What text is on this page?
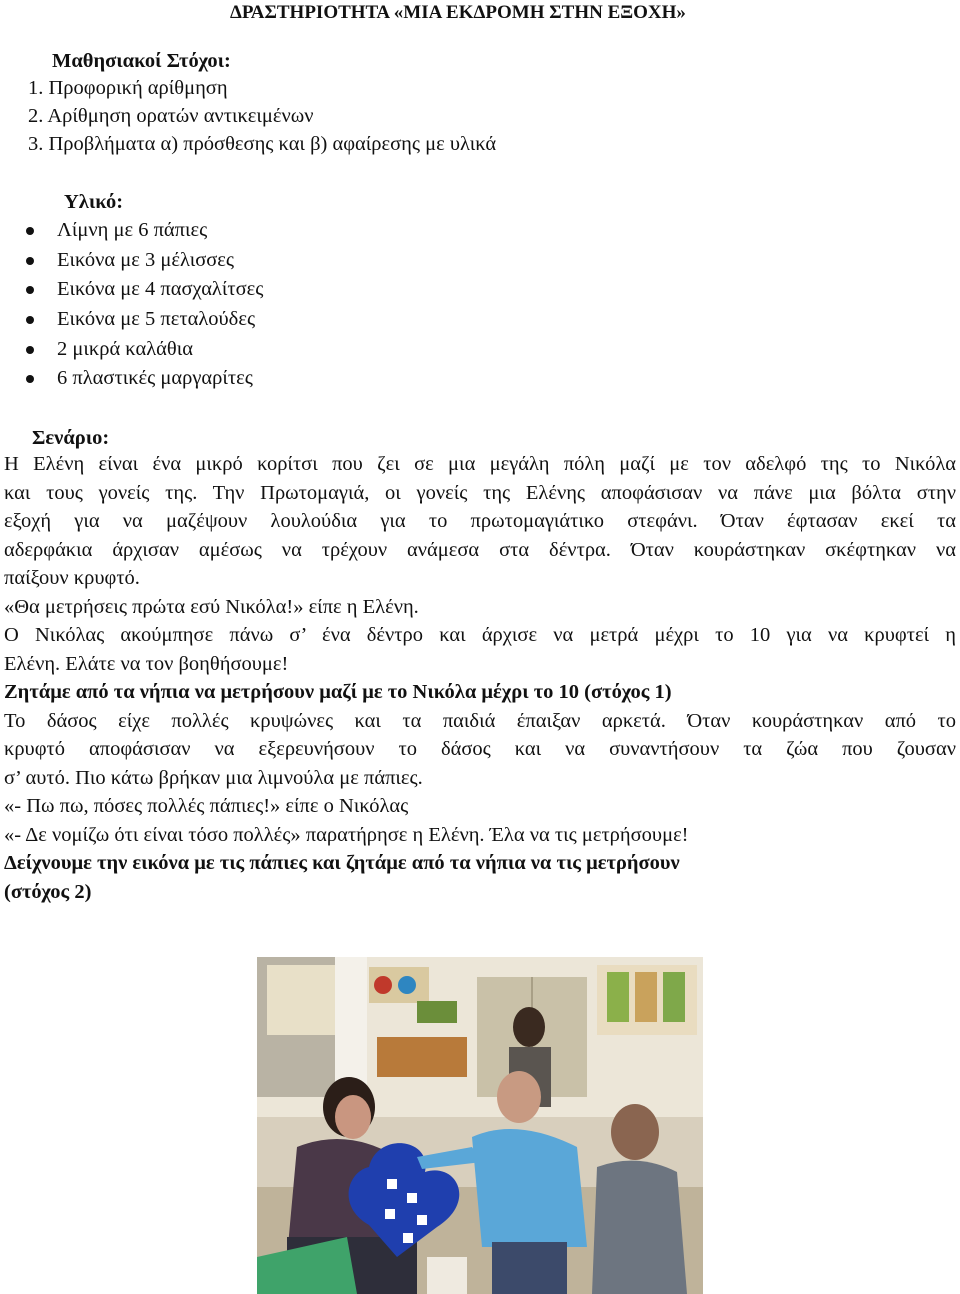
ΔΡΑΣΤΗΡΙΟΤΗΤΑ «ΜΙΑ ΕΚΔΡΟΜΗ ΣΤΗΝ ΕΞΟΧΗ»
Μαθησιακοί Στόχοι:
1. Προφορική αρίθμηση
2. Αρίθμηση ορατών αντικειμένων
3. Προβλήματα α) πρόσθεσης και β) αφαίρεσης με υλικά
Υλικό:
Λίμνη με 6 πάπιες
Εικόνα με 3 μέλισσες
Εικόνα με 4 πασχαλίτσες
Εικόνα με 5 πεταλούδες
2 μικρά καλάθια
6 πλαστικές μαργαρίτες
Σενάριο:

Η Ελένη είναι ένα μικρό κορίτσι που ζει σε μια μεγάλη πόλη μαζί με τον αδελφό της το Νικόλα

και τους γονείς της. Την Πρωτομαγιά, οι γονείς της Ελένης αποφάσισαν να πάνε μια βόλτα στην

εξοχή για να μαζέψουν λουλούδια για το πρωτομαγιάτικο στεφάνι. Όταν έφτασαν εκεί τα

αδερφάκια άρχισαν αμέσως να τρέχουν ανάμεσα στα δέντρα. Όταν κουράστηκαν σκέφτηκαν να

παίξουν κρυφτό.

«Θα μετρήσεις πρώτα εσύ Νικόλα!» είπε η Ελένη.

Ο Νικόλας ακούμπησε πάνω σ’ ένα δέντρο και άρχισε να μετρά μέχρι το 10 για να κρυφτεί η

Ελένη. Ελάτε να τον βοηθήσουμε!

Ζητάμε από τα νήπια να μετρήσουν μαζί με το Νικόλα μέχρι το 10 (στόχος 1)

Το δάσος είχε πολλές κρυψώνες και τα παιδιά έπαιξαν αρκετά. Όταν κουράστηκαν από το

κρυφτό αποφάσισαν να εξερευνήσουν το δάσος και να συναντήσουν τα ζώα που ζουσαν

σ’ αυτό. Πιο κάτω βρήκαν μια λιμνούλα με πάπιες.

«- Πω πω, πόσες πολλές πάπιες!» είπε ο Νικόλας

«- Δε νομίζω ότι είναι τόσο πολλές» παρατήρησε η Ελένη. Έλα να τις μετρήσουμε!

Δείχνουμε την εικόνα με τις πάπιες και ζητάμε από τα νήπια να τις μετρήσουν

(στόχος 2)
